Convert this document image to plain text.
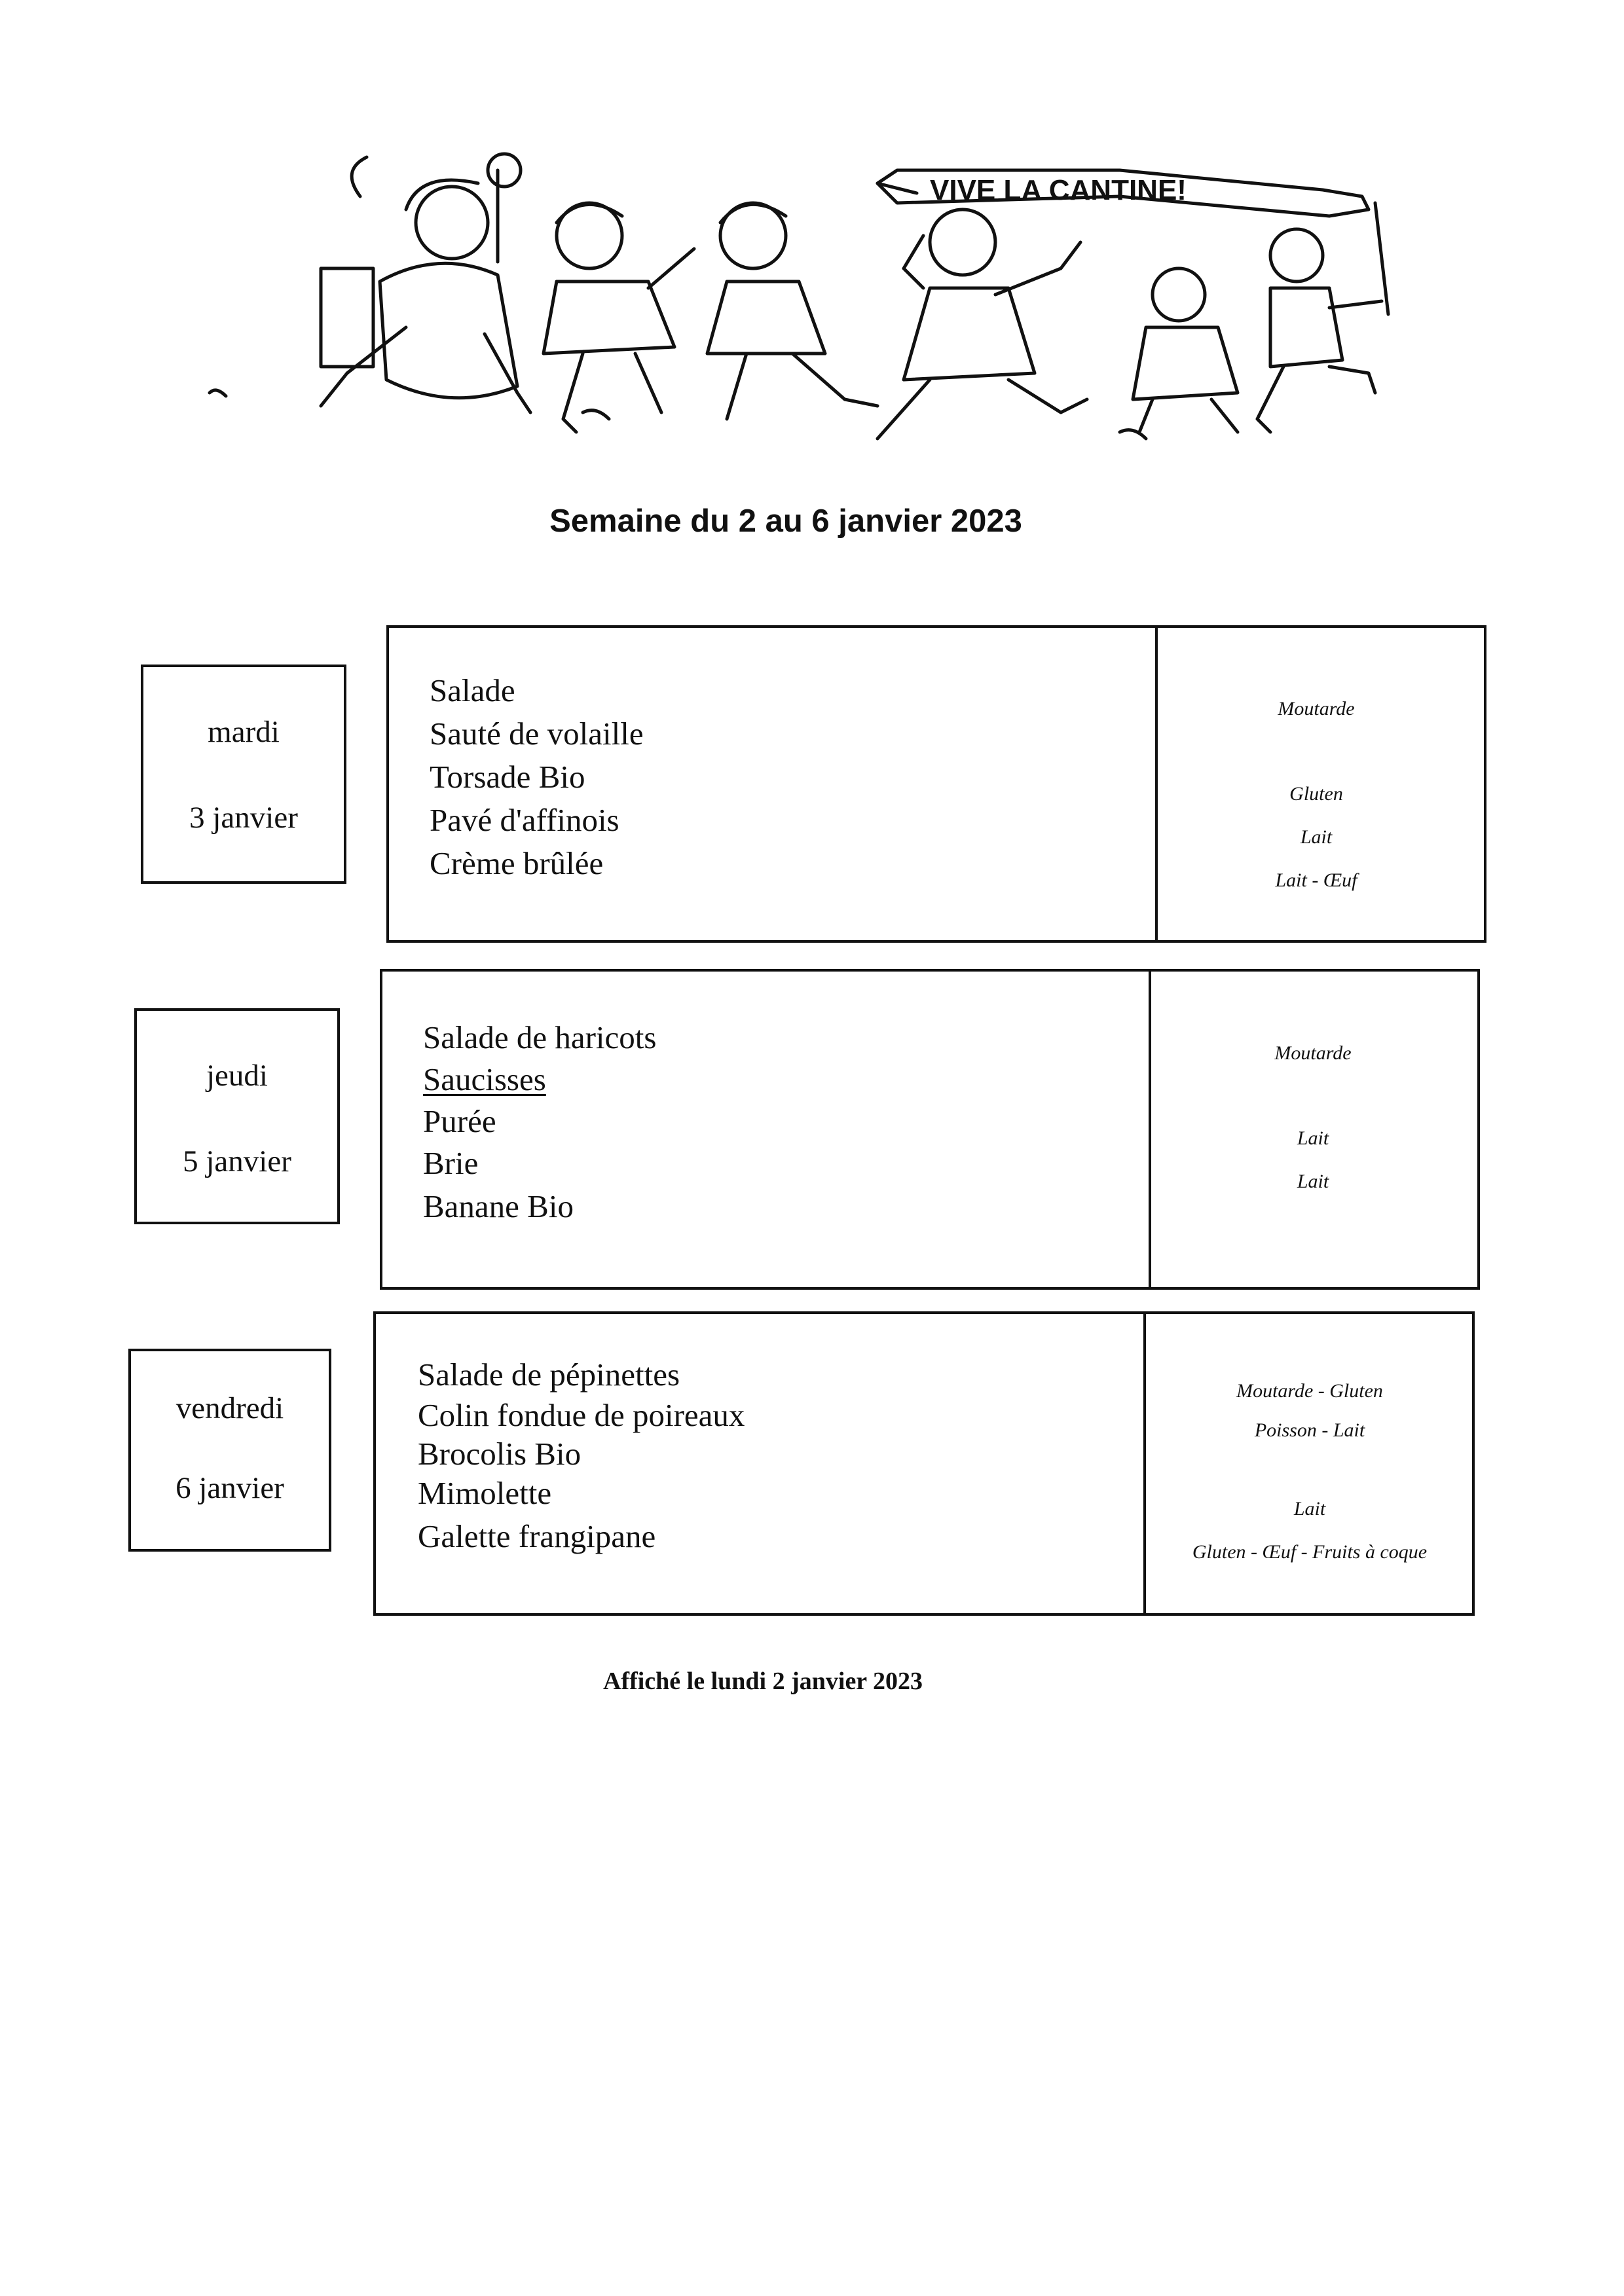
VIVE LA CANTINE!
Semaine du 2 au 6 janvier 2023
mardi
3 janvier
Salade
Sauté de volaille
Torsade Bio
Pavé d'affinois
Crème brûlée
Moutarde
Gluten
Lait
Lait - Œuf
jeudi
5 janvier
Salade de haricots
Saucisses
Purée
Brie
Banane Bio
Moutarde
Lait
Lait
vendredi
6 janvier
Salade de pépinettes
Colin fondue de poireaux
Brocolis Bio
Mimolette
Galette frangipane
Moutarde - Gluten
Poisson - Lait
Lait
Gluten - Œuf - Fruits à coque
Affiché le lundi 2 janvier 2023
